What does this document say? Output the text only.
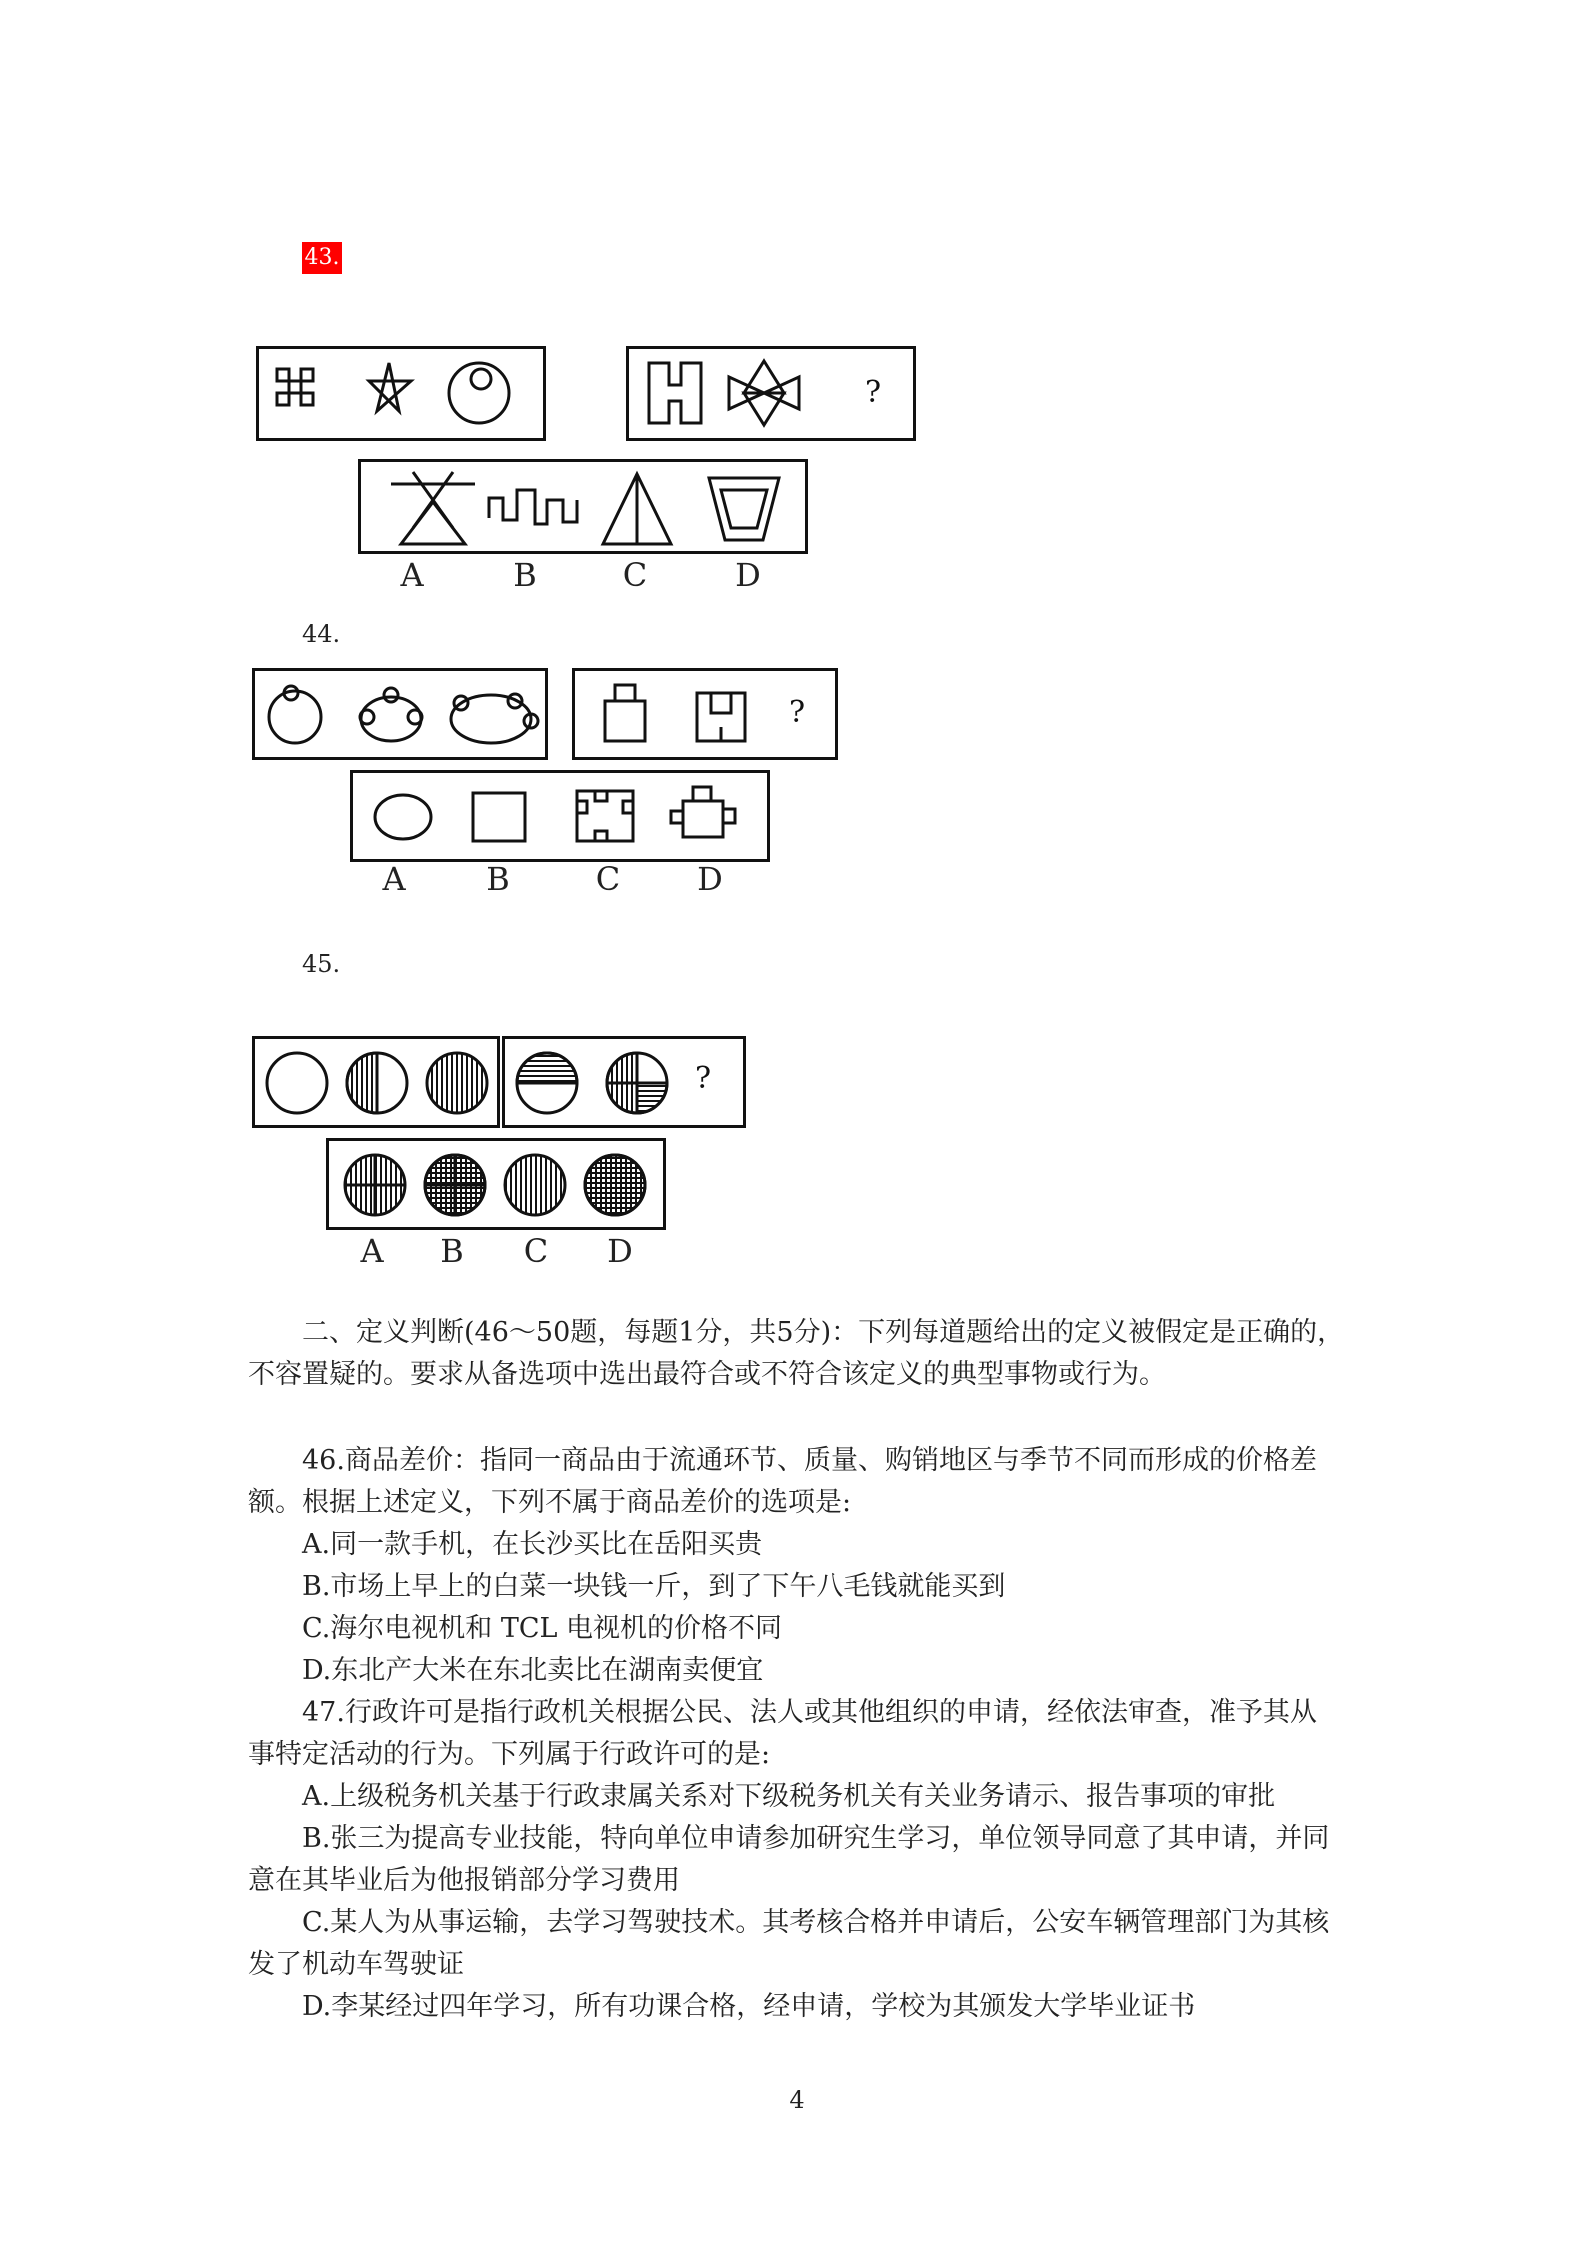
43.
?
A	B	C	D
44.
?
A	B	C D
45.
?
A B C D

二、定义判断(46～50题，每题1分，共5分)：下列每道题给出的定义被假定是正确的，

不容置疑的。要求从备选项中选出最符合或不符合该定义的典型事物或行为。

46.商品差价：指同一商品由于流通环节、质量、购销地区与季节不同而形成的价格差

额。根据上述定义，下列不属于商品差价的选项是:

A.同一款手机，在长沙买比在岳阳买贵

B.市场上早上的白菜一块钱一斤，到了下午八毛钱就能买到

C.海尔电视机和 TCL 电视机的价格不同

D.东北产大米在东北卖比在湖南卖便宜

47.行政许可是指行政机关根据公民、法人或其他组织的申请，经依法审查，准予其从

事特定活动的行为。下列属于行政许可的是:

A.上级税务机关基于行政隶属关系对下级税务机关有关业务请示、报告事项的审批

B.张三为提高专业技能，特向单位申请参加研究生学习，单位领导同意了其申请，并同

意在其毕业后为他报销部分学习费用

C.某人为从事运输，去学习驾驶技术。其考核合格并申请后，公安车辆管理部门为其核

发了机动车驾驶证

D.李某经过四年学习，所有功课合格，经申请，学校为其颁发大学毕业证书

4
